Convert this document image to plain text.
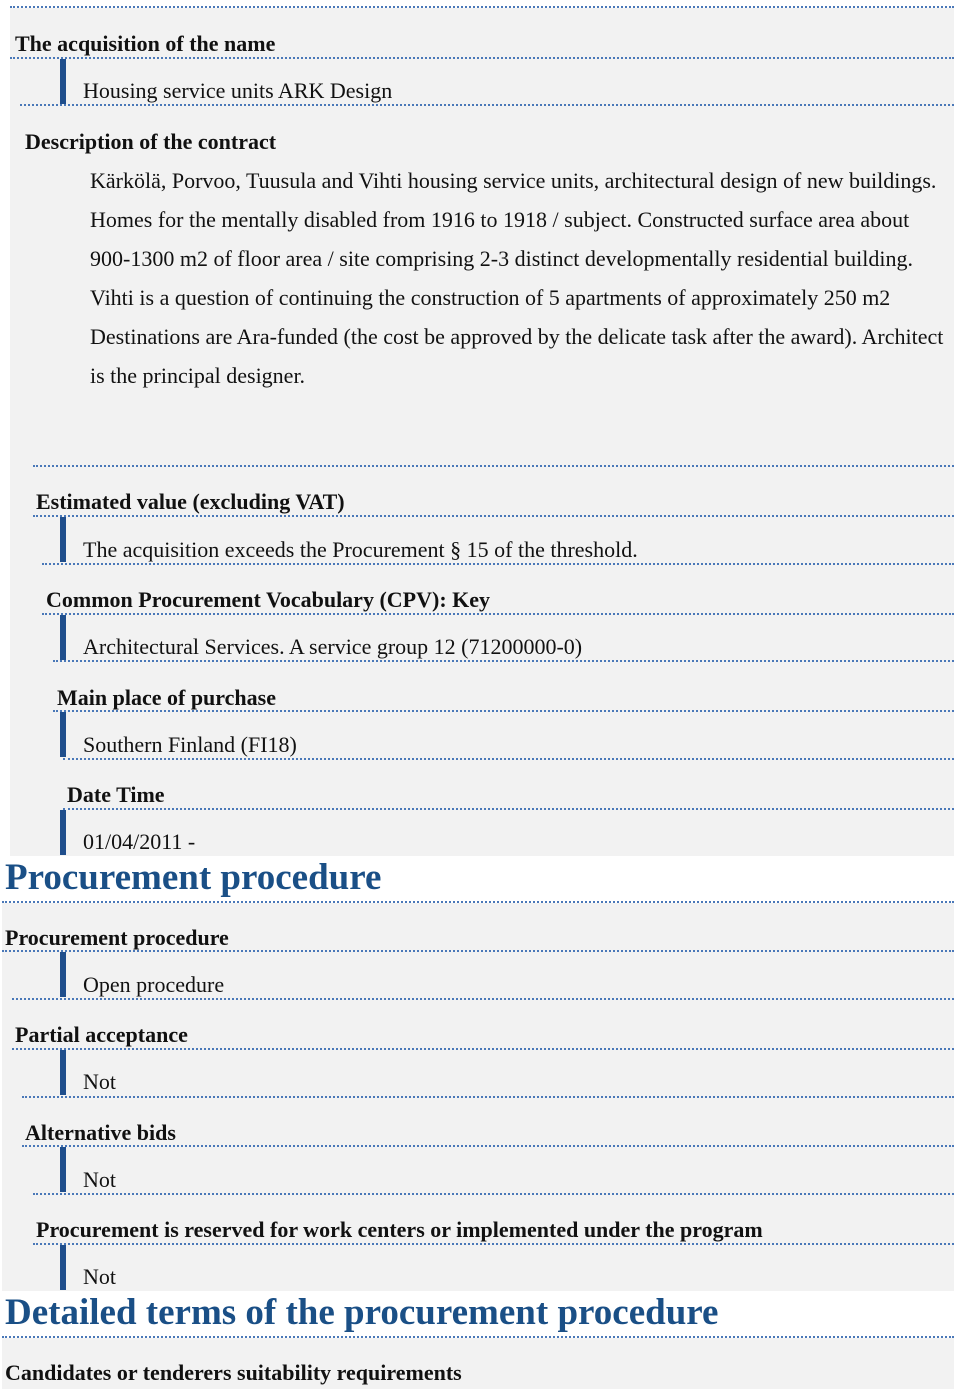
The acquisition of the name
Housing service units ARK Design
Description of the contract
Kärkölä, Porvoo, Tuusula and Vihti housing service units, architectural design of new buildings.
Homes for the mentally disabled from 1916 to 1918 / subject. Constructed surface area about 900-1300 m2 of floor area / site comprising 2-3 distinct developmentally residential building. Vihti is a question of continuing the construction of 5 apartments of approximately 250 m2
Destinations are Ara-funded (the cost be approved by the delicate task after the award). Architect is the principal designer.
Estimated value (excluding VAT)
The acquisition exceeds the Procurement § 15 of the threshold.
Common Procurement Vocabulary (CPV): Key
Architectural Services. A service group 12 (71200000-0)
Main place of purchase
Southern Finland (FI18)
Date Time
01/04/2011 -
Procurement procedure
Procurement procedure
Open procedure
Partial acceptance
Not
Alternative bids
Not
Procurement is reserved for work centers or implemented under the program
Not
Detailed terms of the procurement procedure
Candidates or tenderers suitability requirements
